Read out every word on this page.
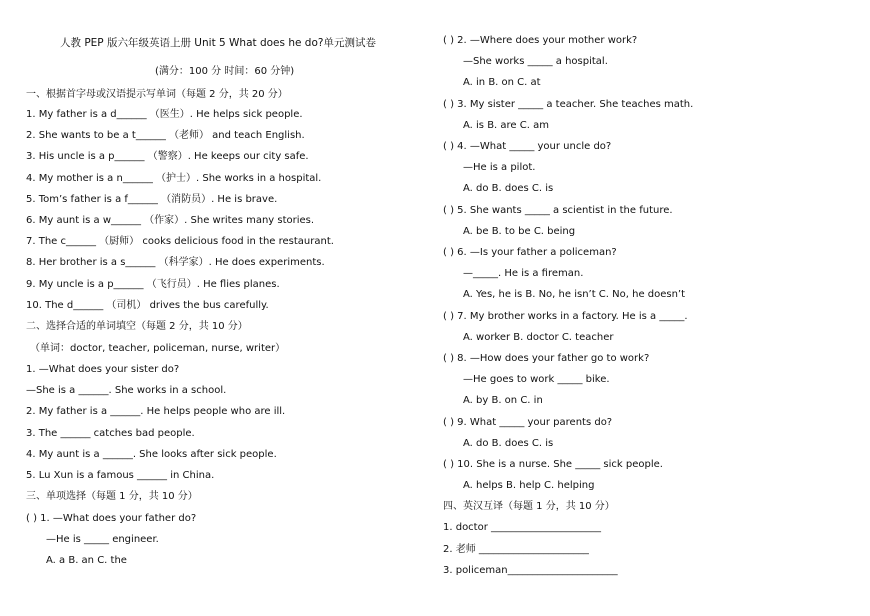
人教 PEP 版六年级英语上册 Unit 5 What does he do?单元测试卷
(满分：100 分 时间：60 分钟)
一、根据首字母或汉语提示写单词（每题 2 分，共 20 分）
1. My father is a d______ （医生）. He helps sick people.
2. She wants to be a t______ （老师） and teach English.
3. His uncle is a p______ （警察）. He keeps our city safe.
4. My mother is a n______ （护士）. She works in a hospital.
5. Tom’s father is a f______ （消防员）. He is brave.
6. My aunt is a w______ （作家）. She writes many stories.
7. The c______ （厨师） cooks delicious food in the restaurant.
8. Her brother is a s______ （科学家）. He does experiments.
9. My uncle is a p______ （飞行员）. He flies planes.
10. The d______ （司机） drives the bus carefully.
二、选择合适的单词填空（每题 2 分，共 10 分）
（单词：doctor, teacher, policeman, nurse, writer）
1. —What does your sister do?
—She is a ______. She works in a school.
2. My father is a ______. He helps people who are ill.
3. The ______ catches bad people.
4. My aunt is a ______. She looks after sick people.
5. Lu Xun is a famous ______ in China.
三、单项选择（每题 1 分，共 10 分）
( ) 1. —What does your father do?
—He is _____ engineer.
A. a B. an C. the
( ) 2. —Where does your mother work?
—She works _____ a hospital.
A. in B. on C. at
( ) 3. My sister _____ a teacher. She teaches math.
A. is B. are C. am
( ) 4. —What _____ your uncle do?
—He is a pilot.
A. do B. does C. is
( ) 5. She wants _____ a scientist in the future.
A. be B. to be C. being
( ) 6. —Is your father a policeman?
—_____. He is a fireman.
A. Yes, he is B. No, he isn’t C. No, he doesn’t
( ) 7. My brother works in a factory. He is a _____.
A. worker B. doctor C. teacher
( ) 8. —How does your father go to work?
—He goes to work _____ bike.
A. by B. on C. in
( ) 9. What _____ your parents do?
A. do B. does C. is
( ) 10. She is a nurse. She _____ sick people.
A. helps B. help C. helping
四、英汉互译（每题 1 分，共 10 分）
1. doctor ______________________
2. 老师 ______________________
3. policeman______________________
